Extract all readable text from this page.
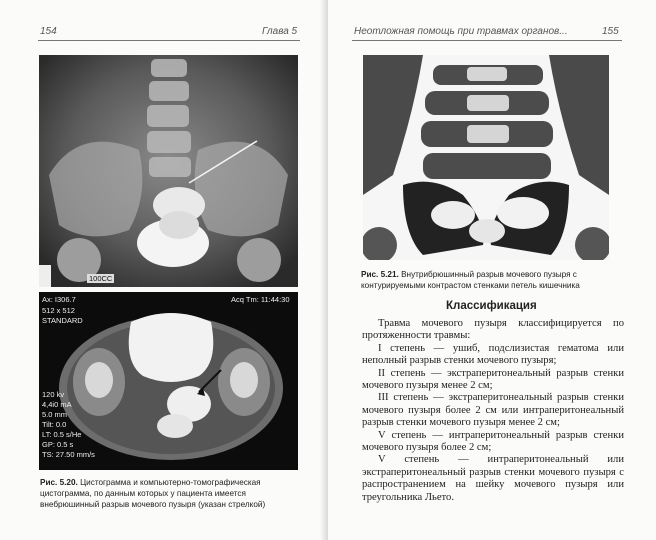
154	Глава 5
100CC
Ax: I306.7
512 x 512
STANDARD
Acq Tm: 11:44:30
120 kv
4,4i0 mA
5.0 mm
Tilt: 0.0
LT: 0.5 s/He
GP: 0.5 s
TS: 27.50 mm/s
Рис. 5.20. Цистограмма и компьютерно-томографическая цистограмма, по данным которых у пациента имеется внебрюшинный разрыв мочевого пузыря (указан стрелкой)
Неотложная помощь при травмах органов...	155
Рис. 5.21. Внутрибрюшинный разрыв мочевого пузыря с контурируемыми контрастом стенками петель кишечника
Классификация

Травма мочевого пузыря классифицируется по протяженности травмы:

I степень — ушиб, подслизистая гематома или неполный разрыв стенки мочевого пузыря;

II степень — экстраперитонеальный разрыв стенки мочевого пузыря менее 2 см;

III степень — экстраперитонеальный разрыв стенки мочевого пузыря более 2 см или интраперитонеальный разрыв стенки мочевого пузыря менее 2 см;

V степень — интраперитонеальный разрыв стенки мочевого пузыря более 2 см;

V степень — интраперитонеальный или экстраперитонеальный разрыв стенки мочевого пузыря с распространением на шейку мочевого пузыря или треугольника Льето.
